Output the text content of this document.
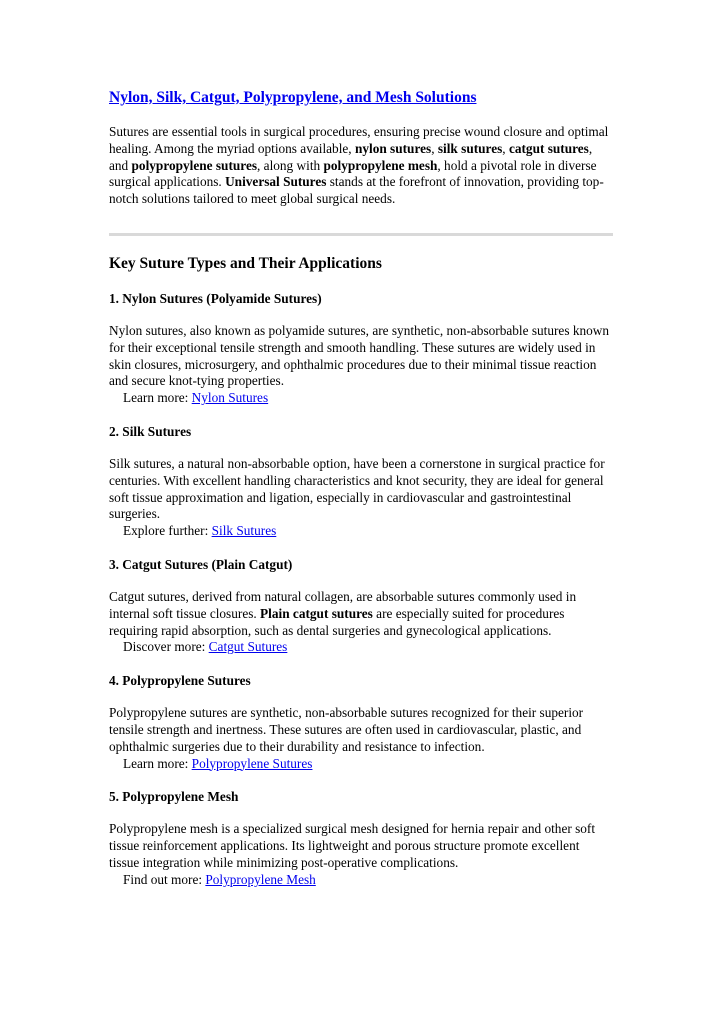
Nylon, Silk, Catgut, Polypropylene, and Mesh Solutions

Sutures are essential tools in surgical procedures, ensuring precise wound closure and optimal healing. Among the myriad options available, nylon sutures, silk sutures, catgut sutures, and polypropylene sutures, along with polypropylene mesh, hold a pivotal role in diverse surgical applications. Universal Sutures stands at the forefront of innovation, providing top-notch solutions tailored to meet global surgical needs.

Key Suture Types and Their Applications
1. Nylon Sutures (Polyamide Sutures)

Nylon sutures, also known as polyamide sutures, are synthetic, non-absorbable sutures known for their exceptional tensile strength and smooth handling. These sutures are widely used in skin closures, microsurgery, and ophthalmic procedures due to their minimal tissue reaction and secure knot-tying properties.

Learn more: Nylon Sutures
2. Silk Sutures

Silk sutures, a natural non-absorbable option, have been a cornerstone in surgical practice for centuries. With excellent handling characteristics and knot security, they are ideal for general soft tissue approximation and ligation, especially in cardiovascular and gastrointestinal surgeries.

Explore further: Silk Sutures
3. Catgut Sutures (Plain Catgut)

Catgut sutures, derived from natural collagen, are absorbable sutures commonly used in internal soft tissue closures. Plain catgut sutures are especially suited for procedures requiring rapid absorption, such as dental surgeries and gynecological applications.

Discover more: Catgut Sutures
4. Polypropylene Sutures

Polypropylene sutures are synthetic, non-absorbable sutures recognized for their superior tensile strength and inertness. These sutures are often used in cardiovascular, plastic, and ophthalmic surgeries due to their durability and resistance to infection.

Learn more: Polypropylene Sutures
5. Polypropylene Mesh

Polypropylene mesh is a specialized surgical mesh designed for hernia repair and other soft tissue reinforcement applications. Its lightweight and porous structure promote excellent tissue integration while minimizing post-operative complications.

Find out more: Polypropylene Mesh
